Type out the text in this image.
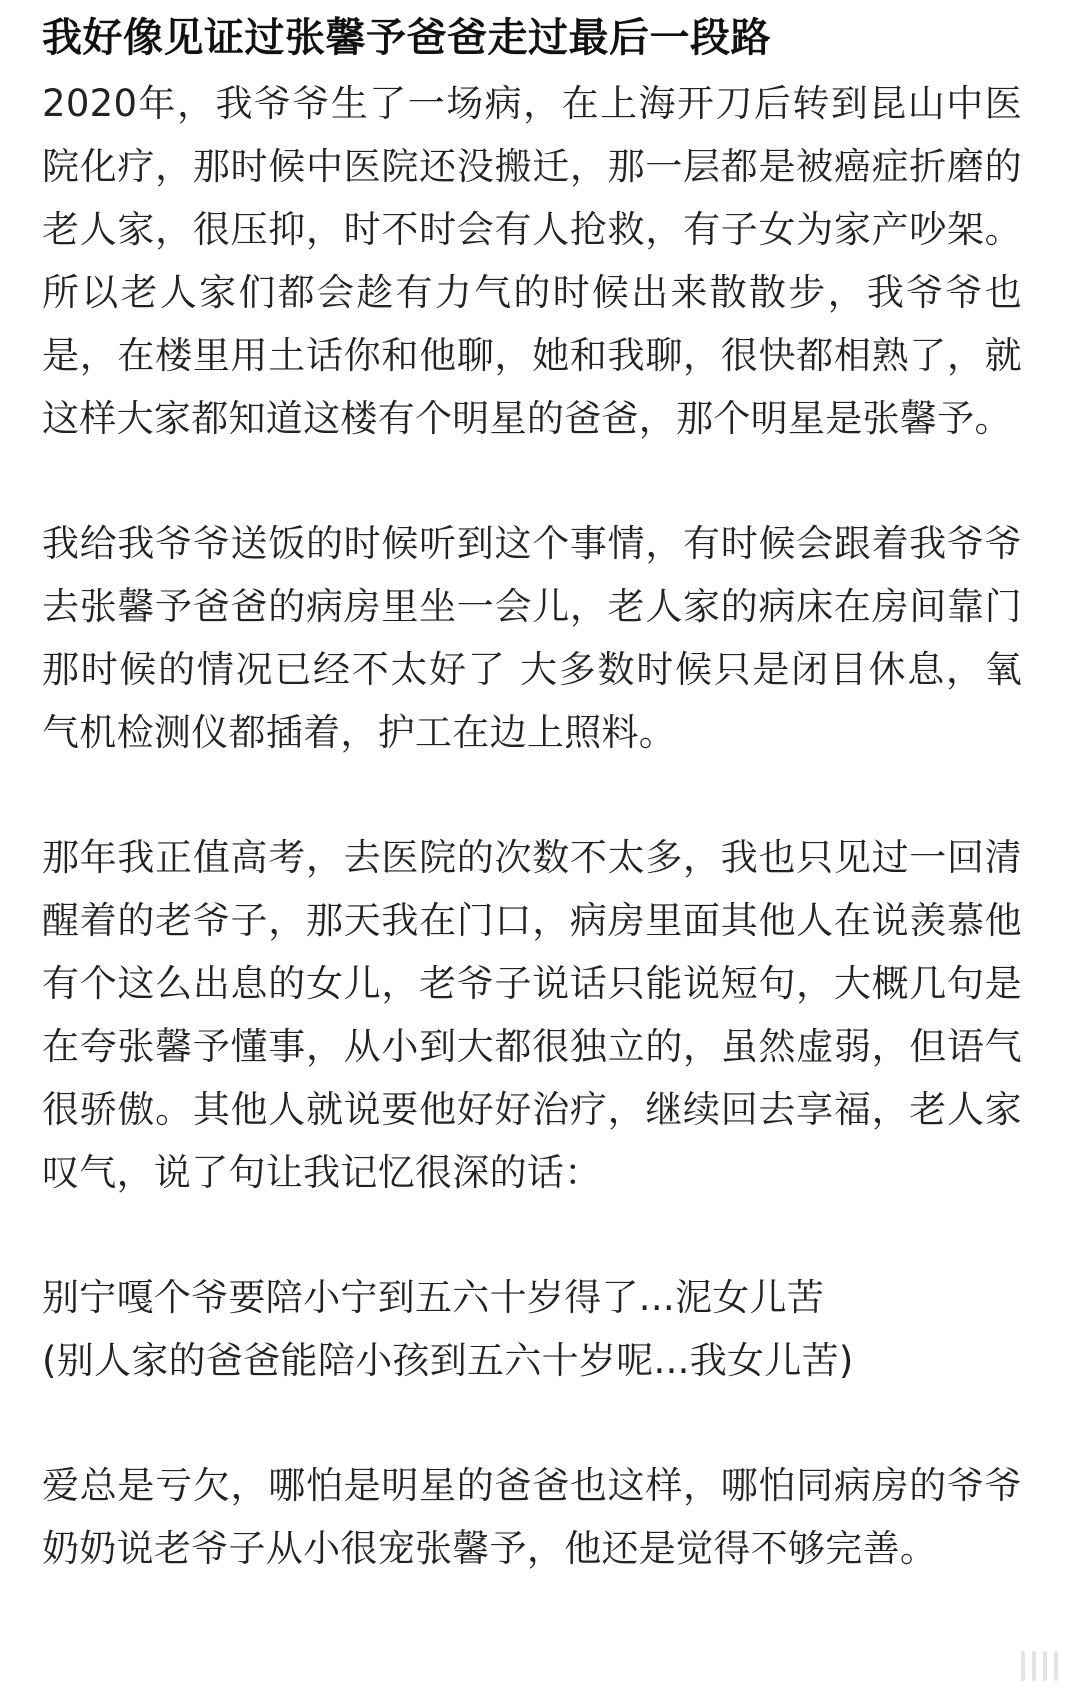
我好像见证过张馨予爸爸走过最后一段路

2020年，我爷爷生了一场病，在上海开刀后转到昆山中医院化疗，那时候中医院还没搬迁，那一层都是被癌症折磨的老人家，很压抑，时不时会有人抢救，有子女为家产吵架。所以老人家们都会趁有力气的时候出来散散步，我爷爷也是，在楼里用土话你和他聊，她和我聊，很快都相熟了，就这样大家都知道这楼有个明星的爸爸，那个明星是张馨予。

我给我爷爷送饭的时候听到这个事情，有时候会跟着我爷爷去张馨予爸爸的病房里坐一会儿，老人家的病床在房间靠门 那时候的情况已经不太好了 大多数时候只是闭目休息，氧气机检测仪都插着，护工在边上照料。

那年我正值高考，去医院的次数不太多，我也只见过一回清醒着的老爷子，那天我在门口，病房里面其他人在说羡慕他有个这么出息的女儿，老爷子说话只能说短句，大概几句是在夸张馨予懂事，从小到大都很独立的，虽然虚弱，但语气很骄傲。其他人就说要他好好治疗，继续回去享福，老人家叹气，说了句让我记忆很深的话：

别宁嘎个爷要陪小宁到五六十岁得了...泥女儿苦

(别人家的爸爸能陪小孩到五六十岁呢...我女儿苦)

爱总是亏欠，哪怕是明星的爸爸也这样，哪怕同病房的爷爷奶奶说老爷子从小很宠张馨予，他还是觉得不够完善。
